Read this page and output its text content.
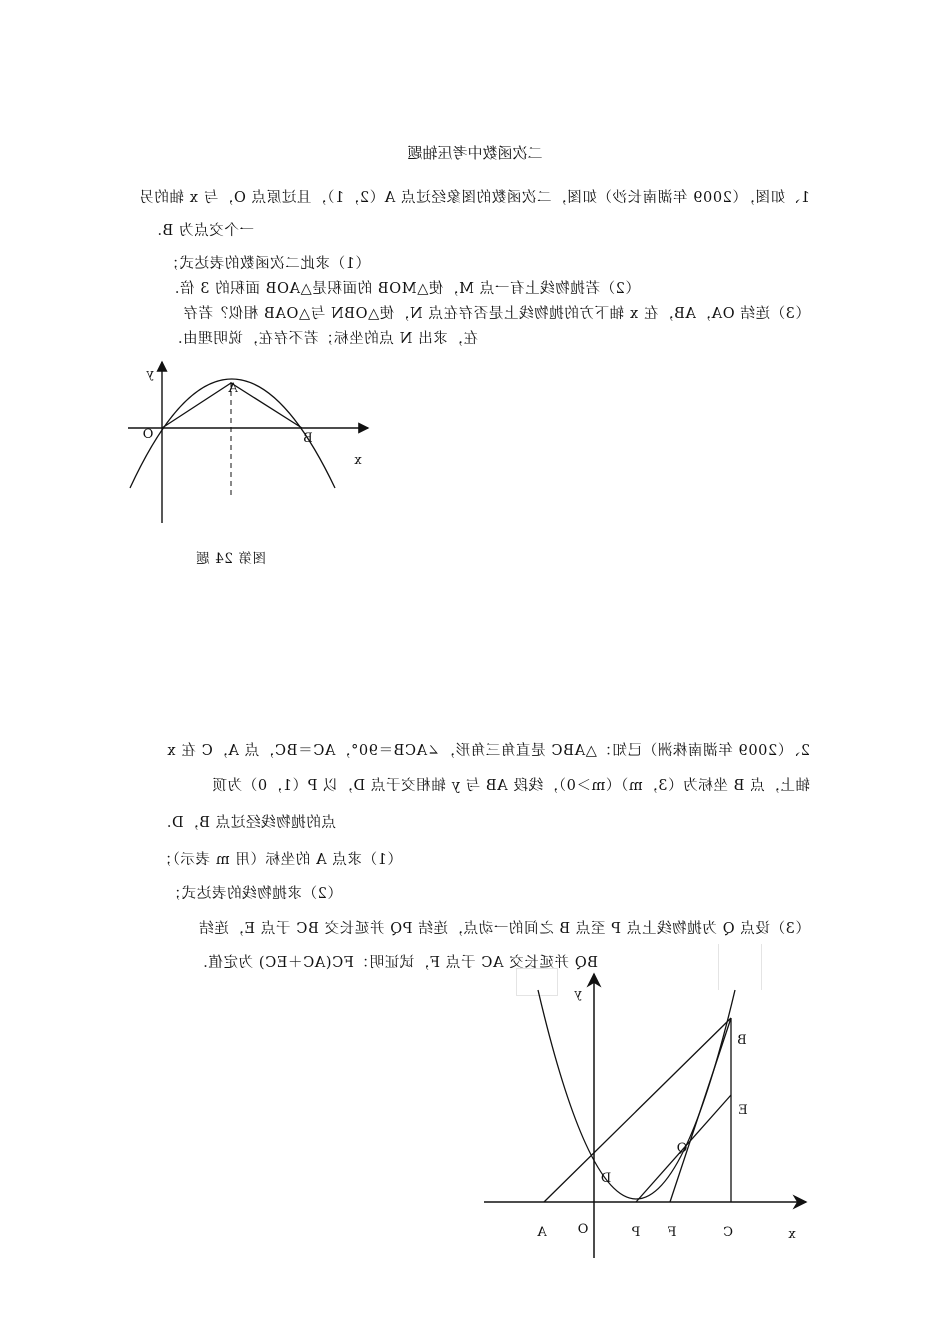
二次函数中考压轴题
1、如图，（2009 年湖南长沙）如图，二次函数的图象经过点 A（2，1），且过原点 O，与 x 轴的另
一个交点为 B．
（1）求此二次函数的表达式；
（2）若抛物线上有一点 M，使△MOB 的面积是△AOB 面积的 3 倍．
（3）连结 OA，AB，在 x 轴下方的抛物线上是否存在点 N，使△OBN 与△OAB 相似？若存
在，求出 N 点的坐标；若不存在，说明理由．
y
x
O	B
A
图第 24 题
2、（2009 年湖南株洲）已知：△ABC 是直角三角形，∠ACB＝90°，AC＝BC，点 A，C 在 x
轴上，点 B 坐标为（3，m）（m＞0），线段 AB 与 y 轴相交于点 D，以 P（1，0）为顶
点的抛物线经过点 B，D．
（1）求点 A 的坐标（用 m 表示）；
（2）求抛物线的表达式；
（3）设点 Q 为抛物线上点 P 至点 B 之间的一动点，连结 PQ 并延长交 BC 于点 E，连结
BQ 并延长交 AC 于点 F，试证明：FC(AC＋EC) 为定值．
y
x
A O	P F	C
B
E
Q
D
